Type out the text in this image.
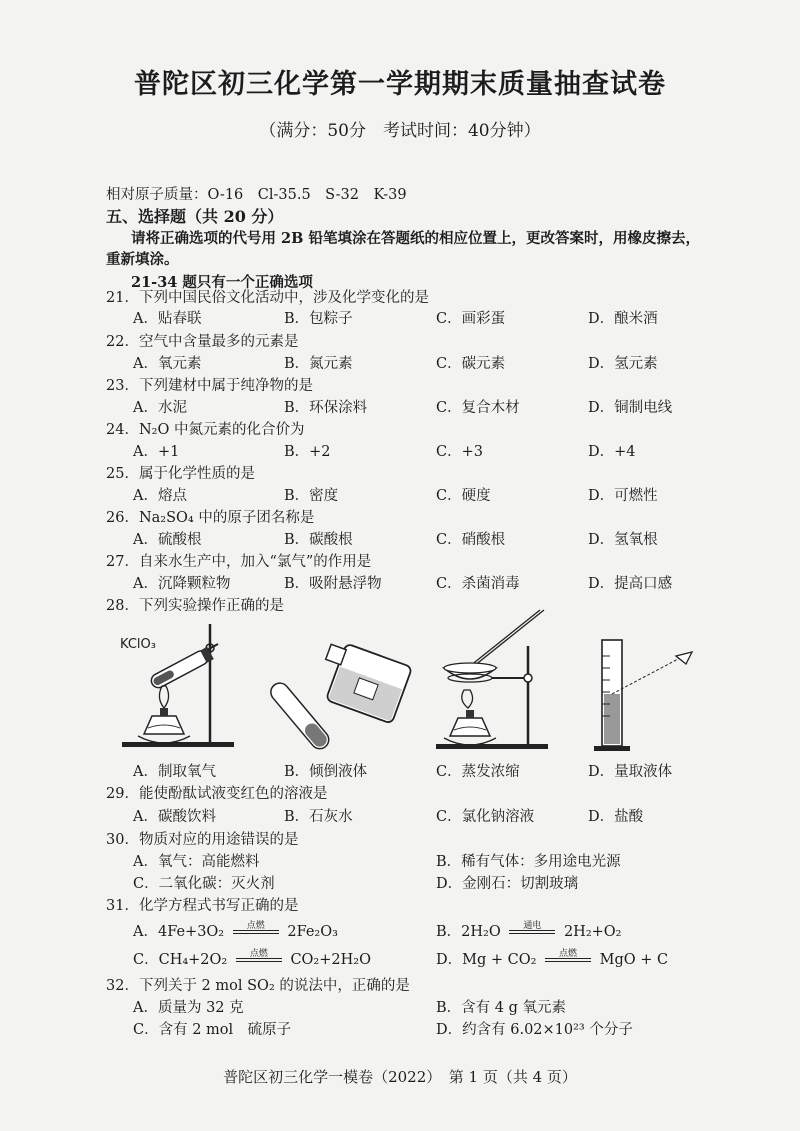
普陀区初三化学第一学期期末质量抽查试卷
（满分：50分　考试时间：40分钟）
相对原子质量：O-16　Cl-35.5　S-32　K-39
五、选择题（共 20 分）
请将正确选项的代号用 2B 铅笔填涂在答题纸的相应位置上，更改答案时，用橡皮擦去，
重新填涂。
21-34 题只有一个正确选项
21．下列中国民俗文化活动中，涉及化学变化的是
A．贴春联	B．包粽子	C．画彩蛋	D．酿米酒
22．空气中含量最多的元素是
A．氧元素	B．氮元素	C．碳元素	D．氢元素
23．下列建材中属于纯净物的是
A．水泥	B．环保涂料	C．复合木材	D．铜制电线
24．N₂O 中氮元素的化合价为
A．+1	B．+2	C．+3	D．+4
25．属于化学性质的是
A．熔点	B．密度	C．硬度	D．可燃性
26．Na₂SO₄ 中的原子团名称是
A．硫酸根	B．碳酸根	C．硝酸根	D．氢氧根
27．自来水生产中，加入“氯气”的作用是
A．沉降颗粒物	B．吸附悬浮物	C．杀菌消毒	D．提高口感
28．下列实验操作正确的是
KClO₃
A．制取氧气	B．倾倒液体	C．蒸发浓缩	D．量取液体
29．能使酚酞试液变红色的溶液是
A．碳酸饮料	B．石灰水	C．氯化钠溶液	D．盐酸
30．物质对应的用途错误的是
A．氧气：高能燃料	B．稀有气体：多用途电光源
C．二氧化碳：灭火剂	D．金刚石：切割玻璃
31．化学方程式书写正确的是
A．4Fe+3O₂	点燃	2Fe₂O₃	B．2H₂O	通电	2H₂+O₂
C．CH₄+2O₂	点燃	CO₂+2H₂O	D．Mg + CO₂	点燃	MgO + C
32．下列关于 2 mol SO₂ 的说法中，正确的是
A．质量为 32 克	B．含有 4 g 氧元素
C．含有 2 mol　硫原子	D．约含有 6.02×10²³ 个分子
普陀区初三化学一模卷（2022）　第 1 页（共 4 页）
